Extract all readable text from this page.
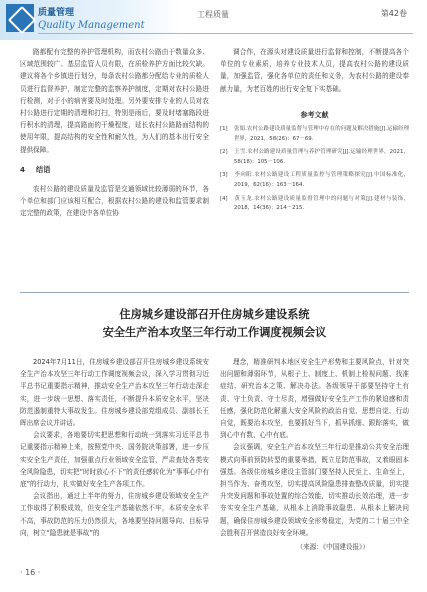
质量管理
Quality Management
工程质量	第42卷

路都配有完整的养护管理机构，而农村公路由于数量众多、区域范围较广、基层监管人员有限，在质检养护方面比较欠缺。建议将各个乡镇进行划分，每条农村公路都分配给专业的质检人员进行监督养护，制定完整的监察养护制度，定期对农村公路进行检测，对于小的病害要及时处理。另外要安排专业的人员对农村公路进行定期的清理和打扫，特别是雨后，要及时堵塞路段进行积水的清理，提高路面的干燥程度，延长农村公路路面结构的使用年限，提高结构的安全性和耐久性，为人们的基本出行安全提供保障。

4 结语

农村公路的建设质量及监管是交通领域比较薄弱的环节，各个单位和部门应该相互配合，根据农村公路的建设和监管要求制定完整的政策，在建设中各单位协

调合作，在源头对建设质量进行监督和控制，不断提高各个单位的专业素质，培养专业技术人员，提高农村公路的建设质量，加强监管，强化各单位的责任和义务，为农村公路的建设奉献力量，为老百姓的出行安全复下实基础。

参考文献
[1] 张娟.农村公路建设质量监督与管理中存在的问题及解决措施[J].运输经理世界，2021，58(26)：67－69.
[2] 王雪.农村公路建设质量管理与养护管理研究[J].运输经理世界，2021，58(18)：105－106.
[3] 李向阳.农村公路建设工程质量监控与管理策略探究[J].中国标准化，2019，62(16)：163－164.
[4] 黄玉龙.农村公路建设质量监督管理中的问题与对策[J].建材与装饰，2018，14(36)：214－215.
住房城乡建设部召开住房城乡建设系统
安全生产治本攻坚三年行动工作调度视频会议

2024年7月11日，住房城乡建设部召开住房城乡建设系统安全生产治本攻坚三年行动工作调度视频会议，深入学习贯彻习近平总书记重要指示精神，推动安全生产治本攻坚三年行动走深走实，进一步统一思想、落实责任，不断提升本质安全水平，坚决防范遏制重特大事故发生。住房城乡建设部党组成员、副部长王晖出席会议并讲话。

会议要求，各地要切实把思想和行动统一到落实习近平总书记重要指示精神上来，按照党中央、国务院决策部署，进一步压实安全生产责任，加强重点行业领域安全监管，严肃查处各类安全风险隐患，切实把“时时放心不下”的责任感转化为“事事心中有底”的行动力，扎实做好安全生产各项工作。

会议指出，通过上半年的努力，住房城乡建设领域安全生产工作取得了积极成效，但安全生产基础依然不牢，本质安全水平不高，事故防范的压力仍然很大，各地要坚持问题导向、目标导向，树立“隐患就是事故”的

理念，精准研判本地区安全生产形势和主要风险点，针对突出问题和薄弱环节，从根子上、制度上、机制上检视问题、找准症结、研究治本之策、解决办法。各级领导干部要坚持守土有责、守土负责、守土尽责，增强做好安全生产工作的紧迫感和责任感，强化防范化解重大安全风险的政治自觉、思想自觉、行动自觉，既要治本攻坚，也要抓好当下，抓早抓细、跟踪落实，做到心中有数、心中有底。

会议强调，安全生产治本攻坚三年行动是推动公共安全治理模式向事前预防转型的重要举措，既立足防范事故，又着眼固本强基。各级住房城乡建设主管部门要坚持人民至上、生命至上，担当作为、奋勇攻坚，切实提高风险隐患排查整改质量，切实提升突发问题和事故处置的综合效能，切实推动长效治理，进一步夯实安全生产基础，从根本上消除事故隐患、从根本上解决问题，确保住房城乡建设领域安全形势稳定，为党的二十届三中全会胜利召开营造良好安全环境。

（来源：《中国建设报》）

· 16 ·
